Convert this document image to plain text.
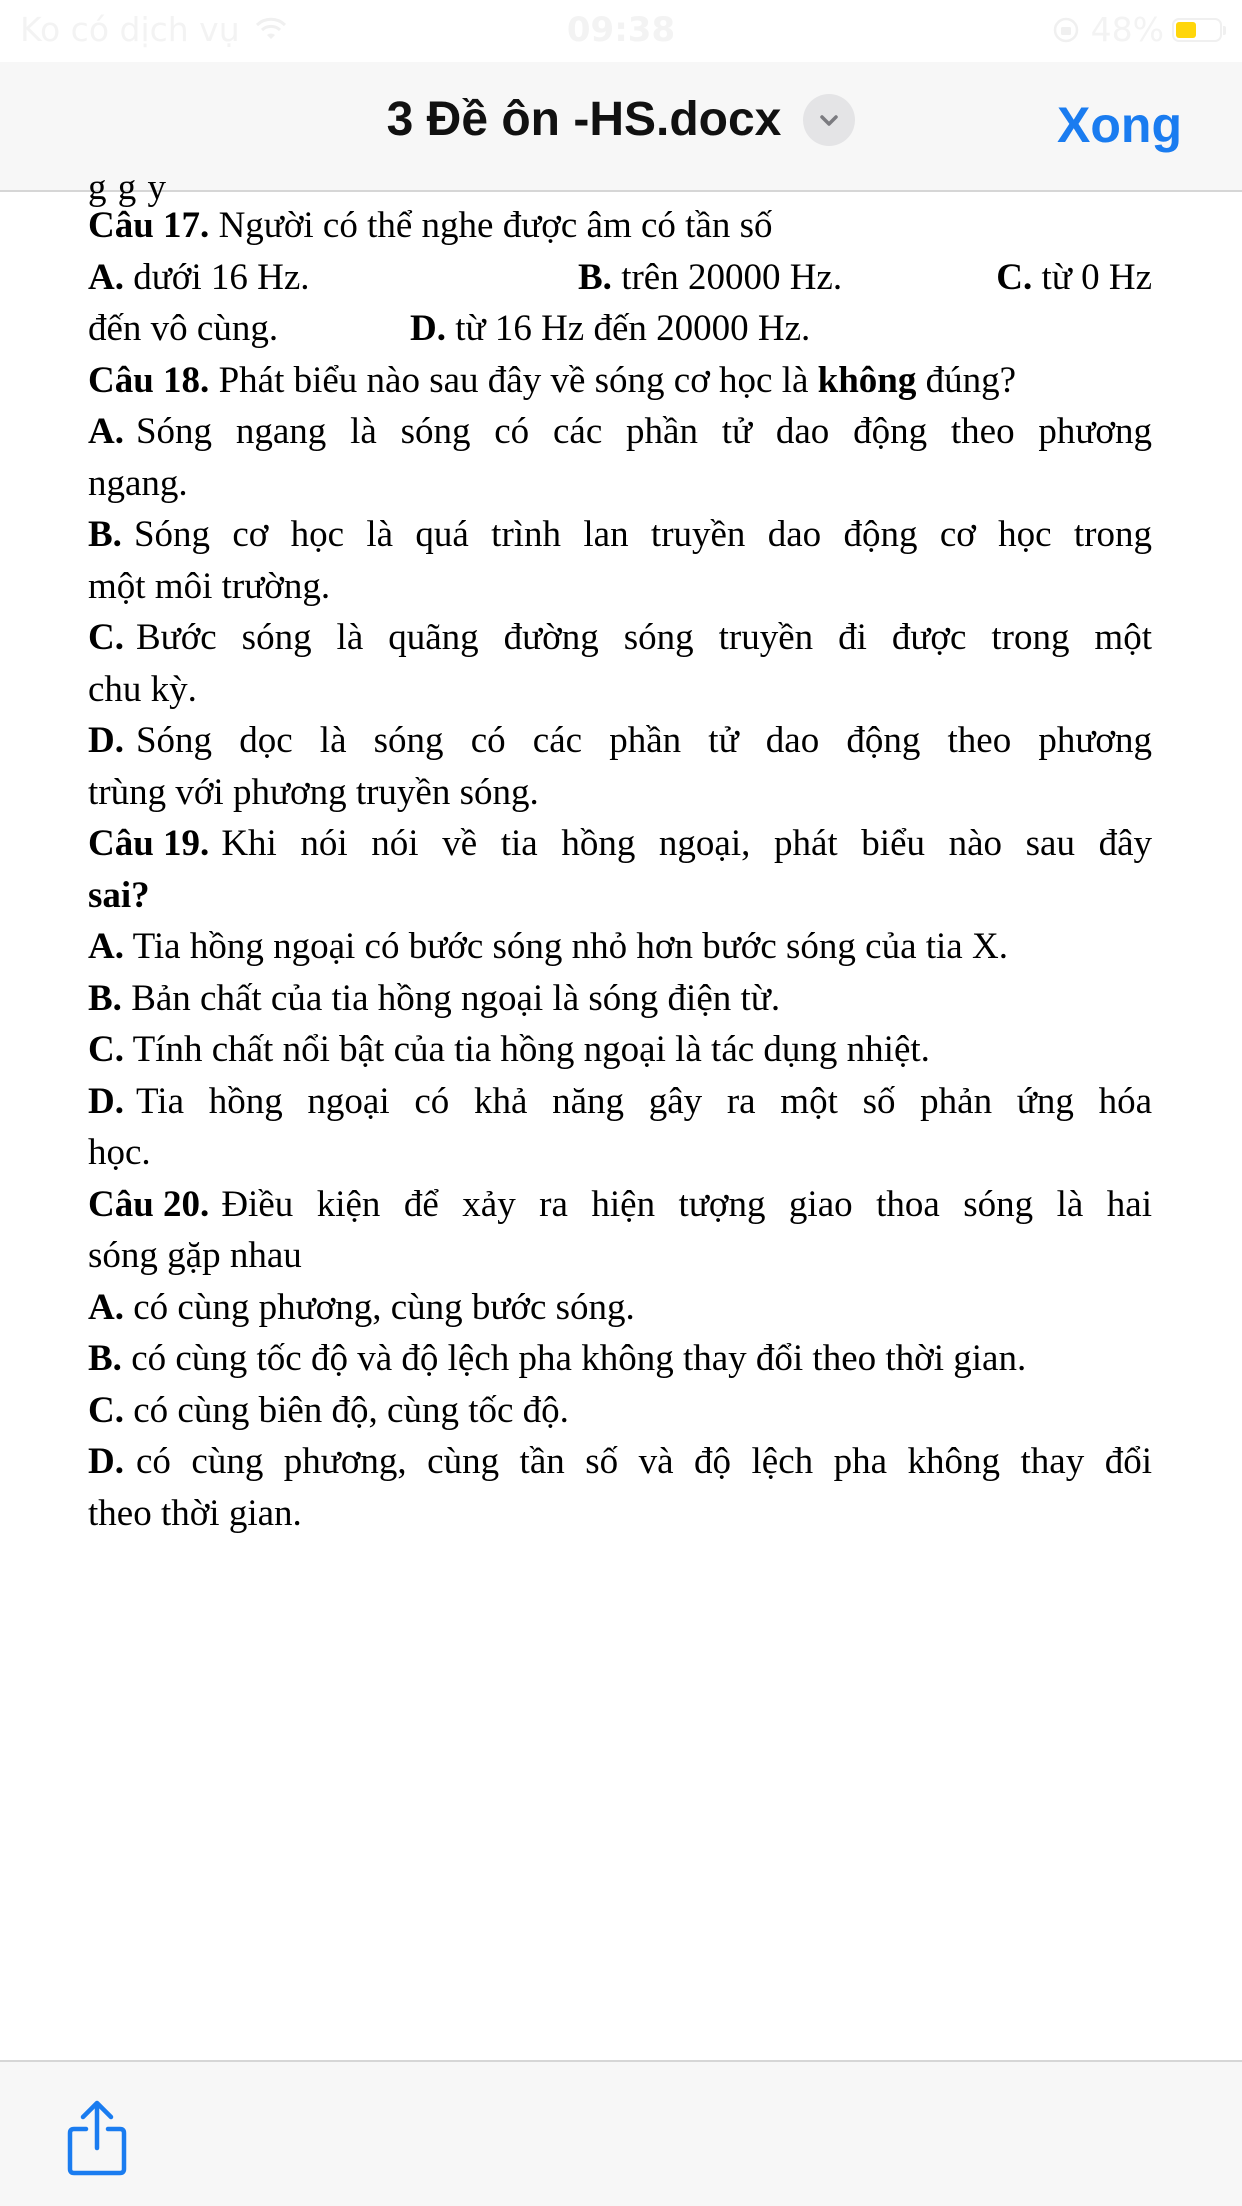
Ko có dịch vụ	09:38	48%
3 Đề ôn -HS.docx	Xong
g g y
Câu 17. Người có thể nghe được âm có tần số
A. dưới 16 Hz.	B. trên 20000 Hz.	C. từ 0 Hz
đến vô cùng.	D. từ 16 Hz đến 20000 Hz.
Câu 18. Phát biểu nào sau đây về sóng cơ học là không đúng?
A. Sóng ngang là sóng có các phần tử dao động theo phương
ngang.
B. Sóng cơ học là quá trình lan truyền dao động cơ học trong
một môi trường.
C. Bước sóng là quãng đường sóng truyền đi được trong một
chu kỳ.
D. Sóng dọc là sóng có các phần tử dao động theo phương
trùng với phương truyền sóng.
Câu 19. Khi nói nói về tia hồng ngoại, phát biểu nào sau đây
sai?
A. Tia hồng ngoại có bước sóng nhỏ hơn bước sóng của tia X.
B. Bản chất của tia hồng ngoại là sóng điện từ.
C. Tính chất nổi bật của tia hồng ngoại là tác dụng nhiệt.
D. Tia hồng ngoại có khả năng gây ra một số phản ứng hóa
học.
Câu 20. Điều kiện để xảy ra hiện tượng giao thoa sóng là hai
sóng gặp nhau
A. có cùng phương, cùng bước sóng.
B. có cùng tốc độ và độ lệch pha không thay đổi theo thời gian.
C. có cùng biên độ, cùng tốc độ.
D. có cùng phương, cùng tần số và độ lệch pha không thay đổi
theo thời gian.
